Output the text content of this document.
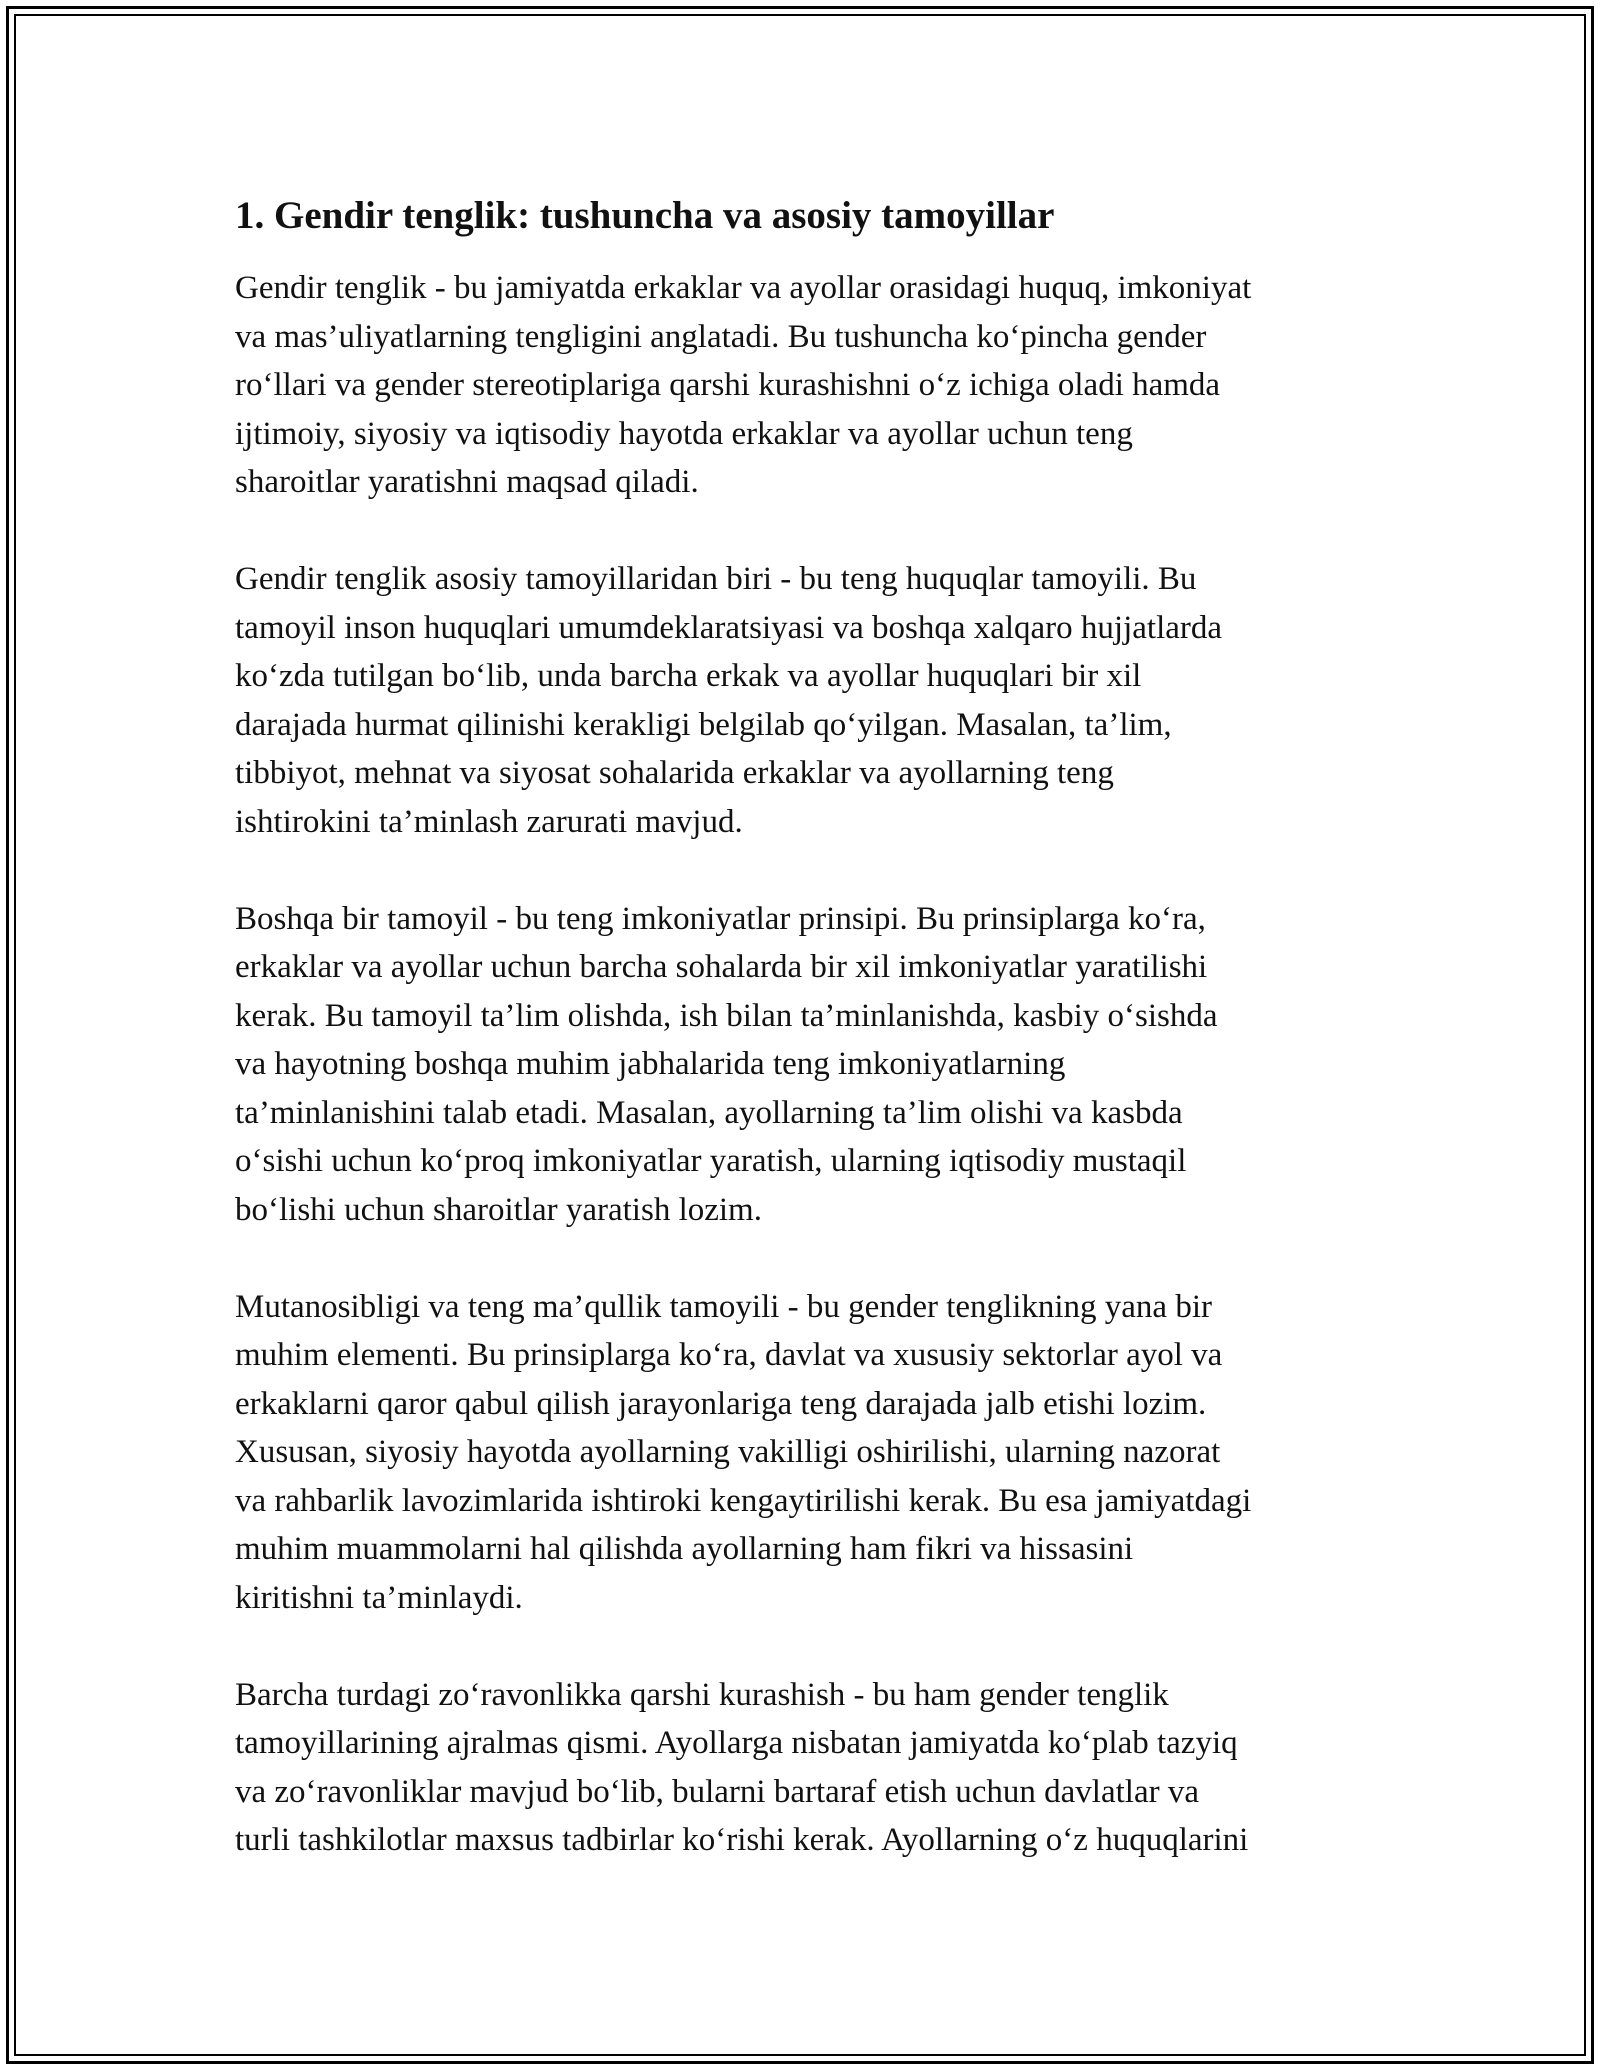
1. Gendir tenglik: tushuncha va asosiy tamoyillar

Gendir tenglik - bu jamiyatda erkaklar va ayollar orasidagi huquq, imkoniyat
va mas’uliyatlarning tengligini anglatadi. Bu tushuncha ko‘pincha gender
ro‘llari va gender stereotiplariga qarshi kurashishni o‘z ichiga oladi hamda
ijtimoiy, siyosiy va iqtisodiy hayotda erkaklar va ayollar uchun teng
sharoitlar yaratishni maqsad qiladi.

Gendir tenglik asosiy tamoyillaridan biri - bu teng huquqlar tamoyili. Bu
tamoyil inson huquqlari umumdeklaratsiyasi va boshqa xalqaro hujjatlarda
ko‘zda tutilgan bo‘lib, unda barcha erkak va ayollar huquqlari bir xil
darajada hurmat qilinishi kerakligi belgilab qo‘yilgan. Masalan, ta’lim,
tibbiyot, mehnat va siyosat sohalarida erkaklar va ayollarning teng
ishtirokini ta’minlash zarurati mavjud.

Boshqa bir tamoyil - bu teng imkoniyatlar prinsipi. Bu prinsiplarga ko‘ra,
erkaklar va ayollar uchun barcha sohalarda bir xil imkoniyatlar yaratilishi
kerak. Bu tamoyil ta’lim olishda, ish bilan ta’minlanishda, kasbiy o‘sishda
va hayotning boshqa muhim jabhalarida teng imkoniyatlarning
ta’minlanishini talab etadi. Masalan, ayollarning ta’lim olishi va kasbda
o‘sishi uchun ko‘proq imkoniyatlar yaratish, ularning iqtisodiy mustaqil
bo‘lishi uchun sharoitlar yaratish lozim.

Mutanosibligi va teng ma’qullik tamoyili - bu gender tenglikning yana bir
muhim elementi. Bu prinsiplarga ko‘ra, davlat va xususiy sektorlar ayol va
erkaklarni qaror qabul qilish jarayonlariga teng darajada jalb etishi lozim.
Xususan, siyosiy hayotda ayollarning vakilligi oshirilishi, ularning nazorat
va rahbarlik lavozimlarida ishtiroki kengaytirilishi kerak. Bu esa jamiyatdagi
muhim muammolarni hal qilishda ayollarning ham fikri va hissasini
kiritishni ta’minlaydi.

Barcha turdagi zo‘ravonlikka qarshi kurashish - bu ham gender tenglik
tamoyillarining ajralmas qismi. Ayollarga nisbatan jamiyatda ko‘plab tazyiq
va zo‘ravonliklar mavjud bo‘lib, bularni bartaraf etish uchun davlatlar va
turli tashkilotlar maxsus tadbirlar ko‘rishi kerak. Ayollarning o‘z huquqlarini
